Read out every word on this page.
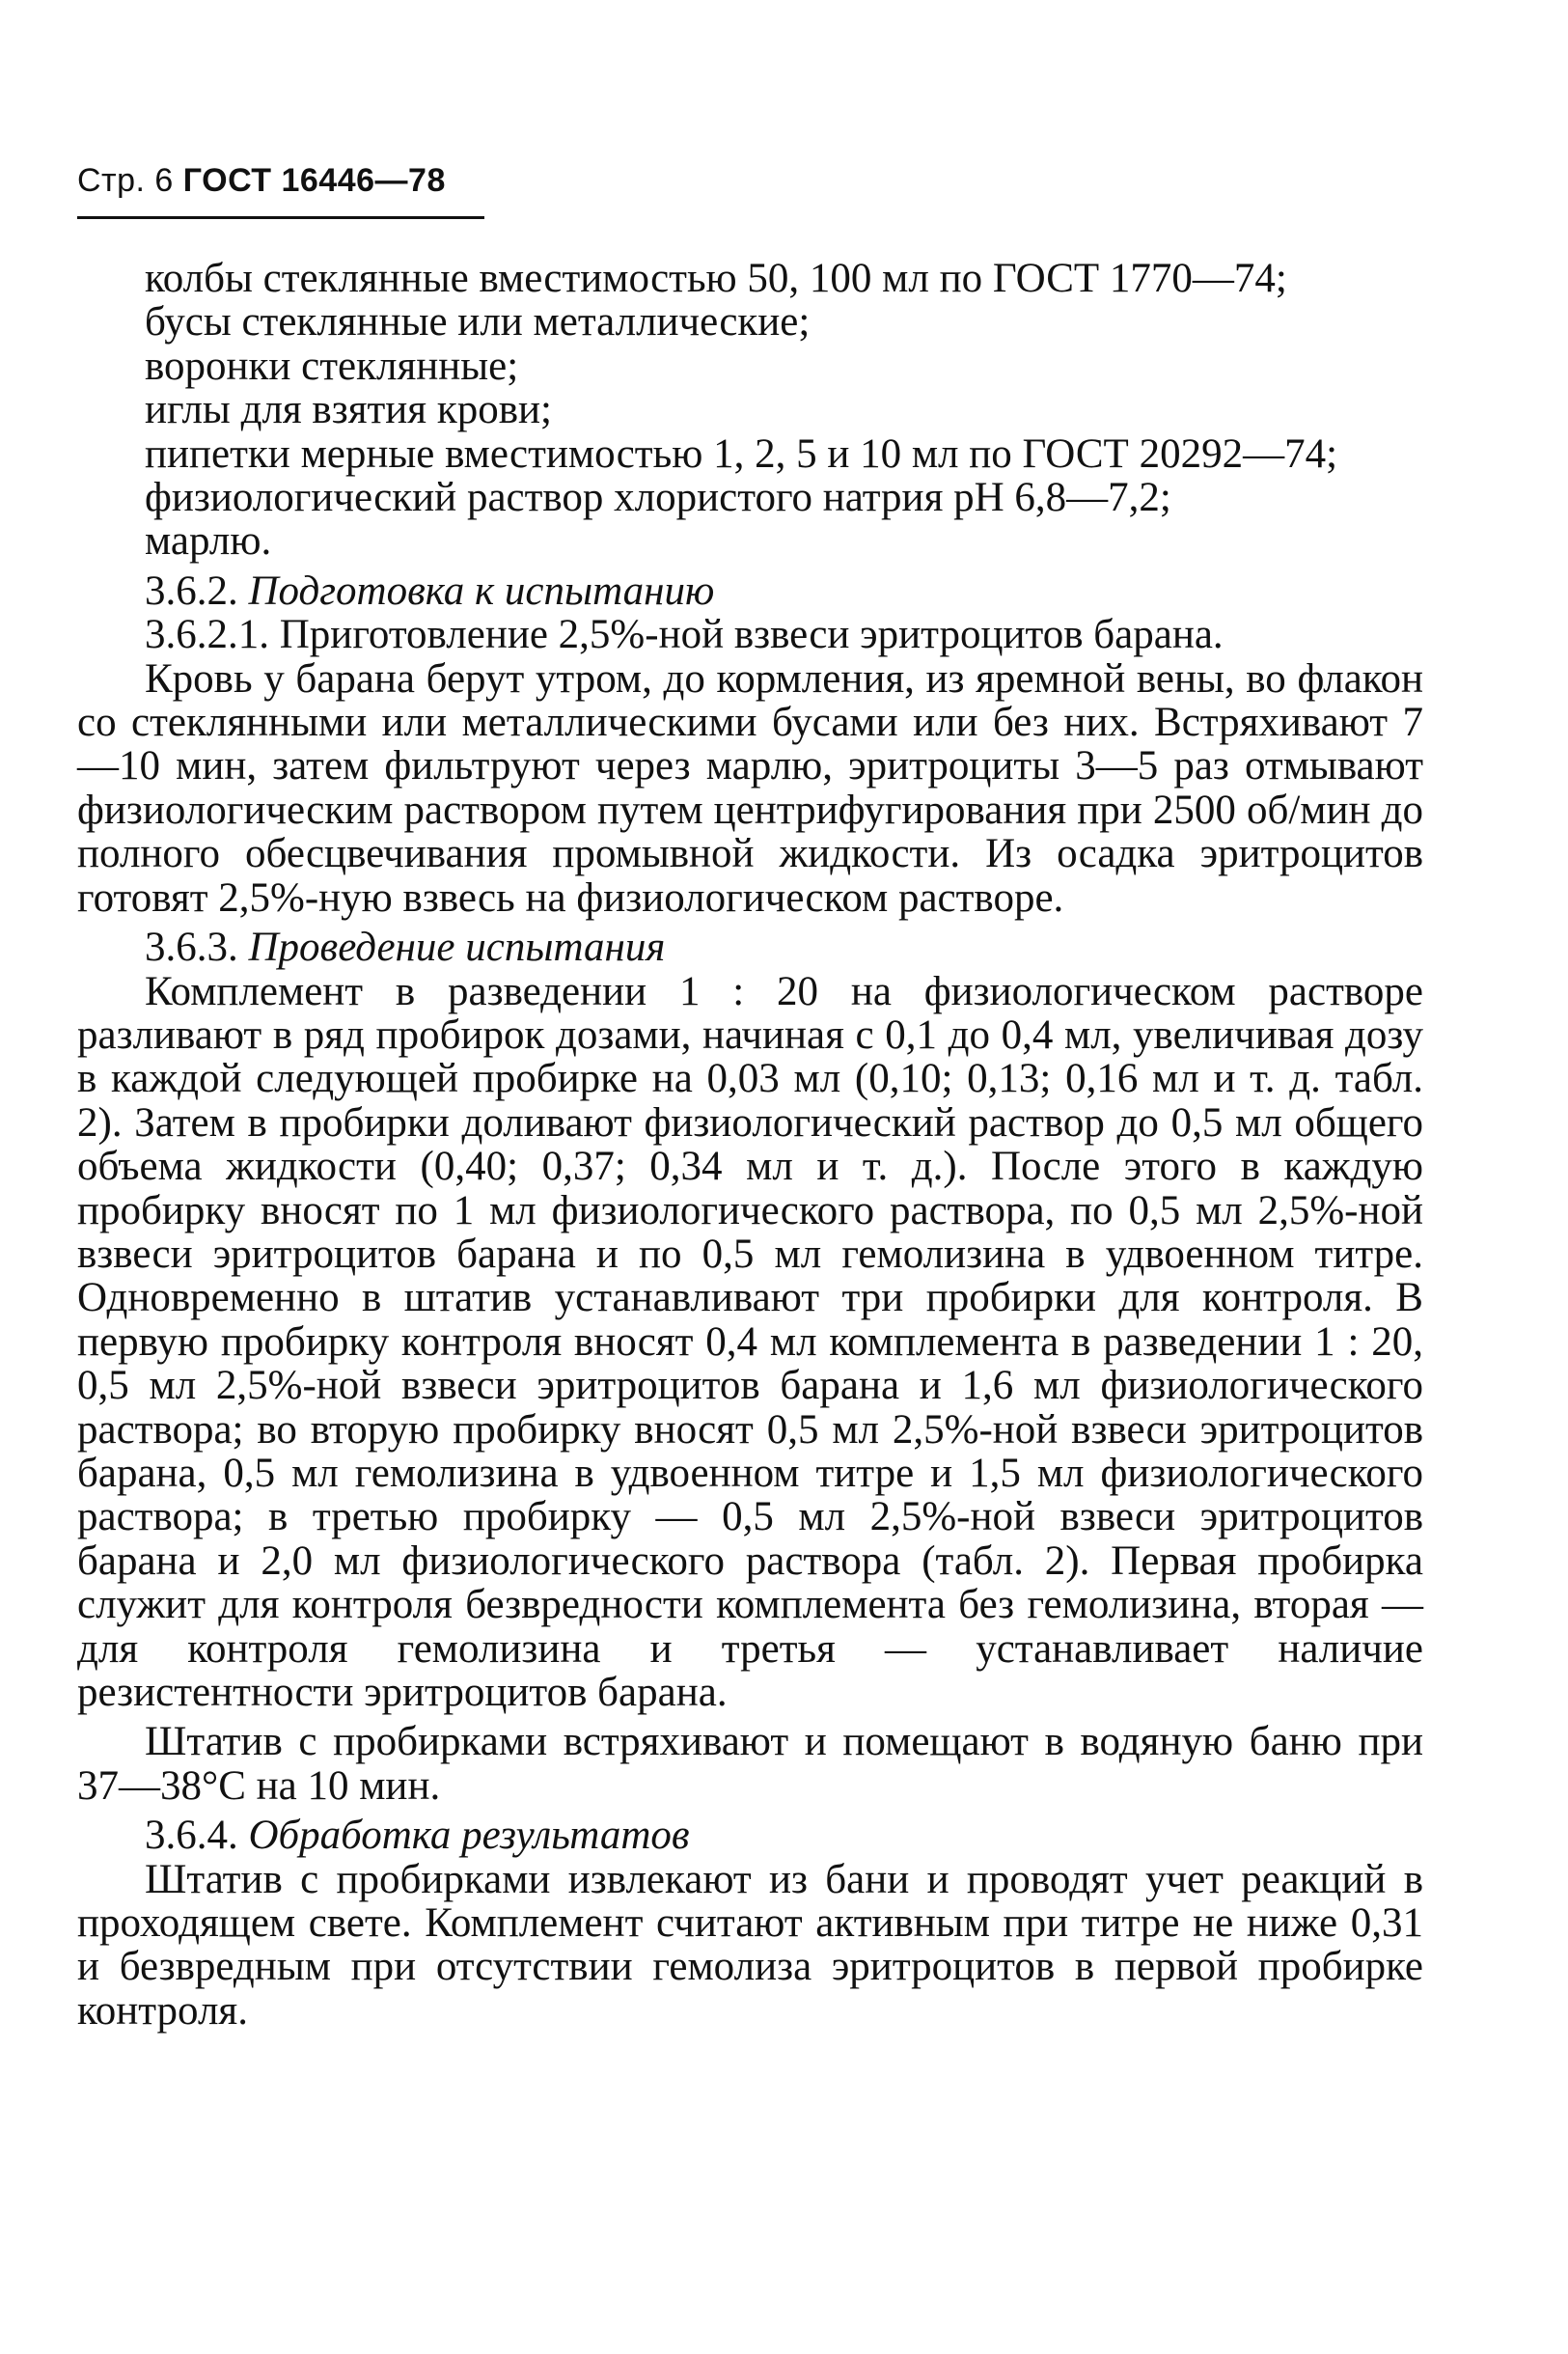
Стр. 6 ГОСТ 16446—78

колбы стеклянные вместимостью 50, 100 мл по ГОСТ 1770—74;

бусы стеклянные или металлические;

воронки стеклянные;

иглы для взятия крови;

пипетки мерные вместимостью 1, 2, 5 и 10 мл по ГОСТ 20292—74;

физиологический раствор хлористого натрия рН 6,8—7,2;

марлю.

3.6.2. Подготовка к испытанию

3.6.2.1. Приготовление 2,5%-ной взвеси эритроцитов барана.

Кровь у барана берут утром, до кормления, из яремной вены, во флакон со стеклянными или металлическими бусами или без них. Встряхивают 7—10 мин, затем фильтруют через марлю, эритроциты 3—5 раз отмывают физиологическим раствором путем центрифугирования при 2500 об/мин до полного обесцвечивания промывной жидкости. Из осадка эритроцитов готовят 2,5%-ную взвесь на физиологическом растворе.

3.6.3. Проведение испытания

Комплемент в разведении 1 : 20 на физиологическом растворе разливают в ряд пробирок дозами, начиная с 0,1 до 0,4 мл, увеличивая дозу в каждой следующей пробирке на 0,03 мл (0,10; 0,13; 0,16 мл и т. д. табл. 2). Затем в пробирки доливают физиологический раствор до 0,5 мл общего объема жидкости (0,40; 0,37; 0,34 мл и т. д.). После этого в каждую пробирку вносят по 1 мл физиологического раствора, по 0,5 мл 2,5%-ной взвеси эритроцитов барана и по 0,5 мл гемолизина в удвоенном титре. Одновременно в штатив устанавливают три пробирки для контроля. В первую пробирку контроля вносят 0,4 мл комплемента в разведении 1 : 20, 0,5 мл 2,5%-ной взвеси эритроцитов барана и 1,6 мл физиологического раствора; во вторую пробирку вносят 0,5 мл 2,5%-ной взвеси эритроцитов барана, 0,5 мл гемолизина в удвоенном титре и 1,5 мл физиологического раствора; в третью пробирку — 0,5 мл 2,5%-ной взвеси эритроцитов барана и 2,0 мл физиологического раствора (табл. 2). Первая пробирка служит для контроля безвредности комплемента без гемолизина, вторая — для контроля гемолизина и третья — устанавливает наличие резистентности эритроцитов барана.

Штатив с пробирками встряхивают и помещают в водяную баню при 37—38°С на 10 мин.

3.6.4. Обработка результатов

Штатив с пробирками извлекают из бани и проводят учет реакций в проходящем свете. Комплемент считают активным при титре не ниже 0,31 и безвредным при отсутствии гемолиза эритроцитов в первой пробирке контроля.
